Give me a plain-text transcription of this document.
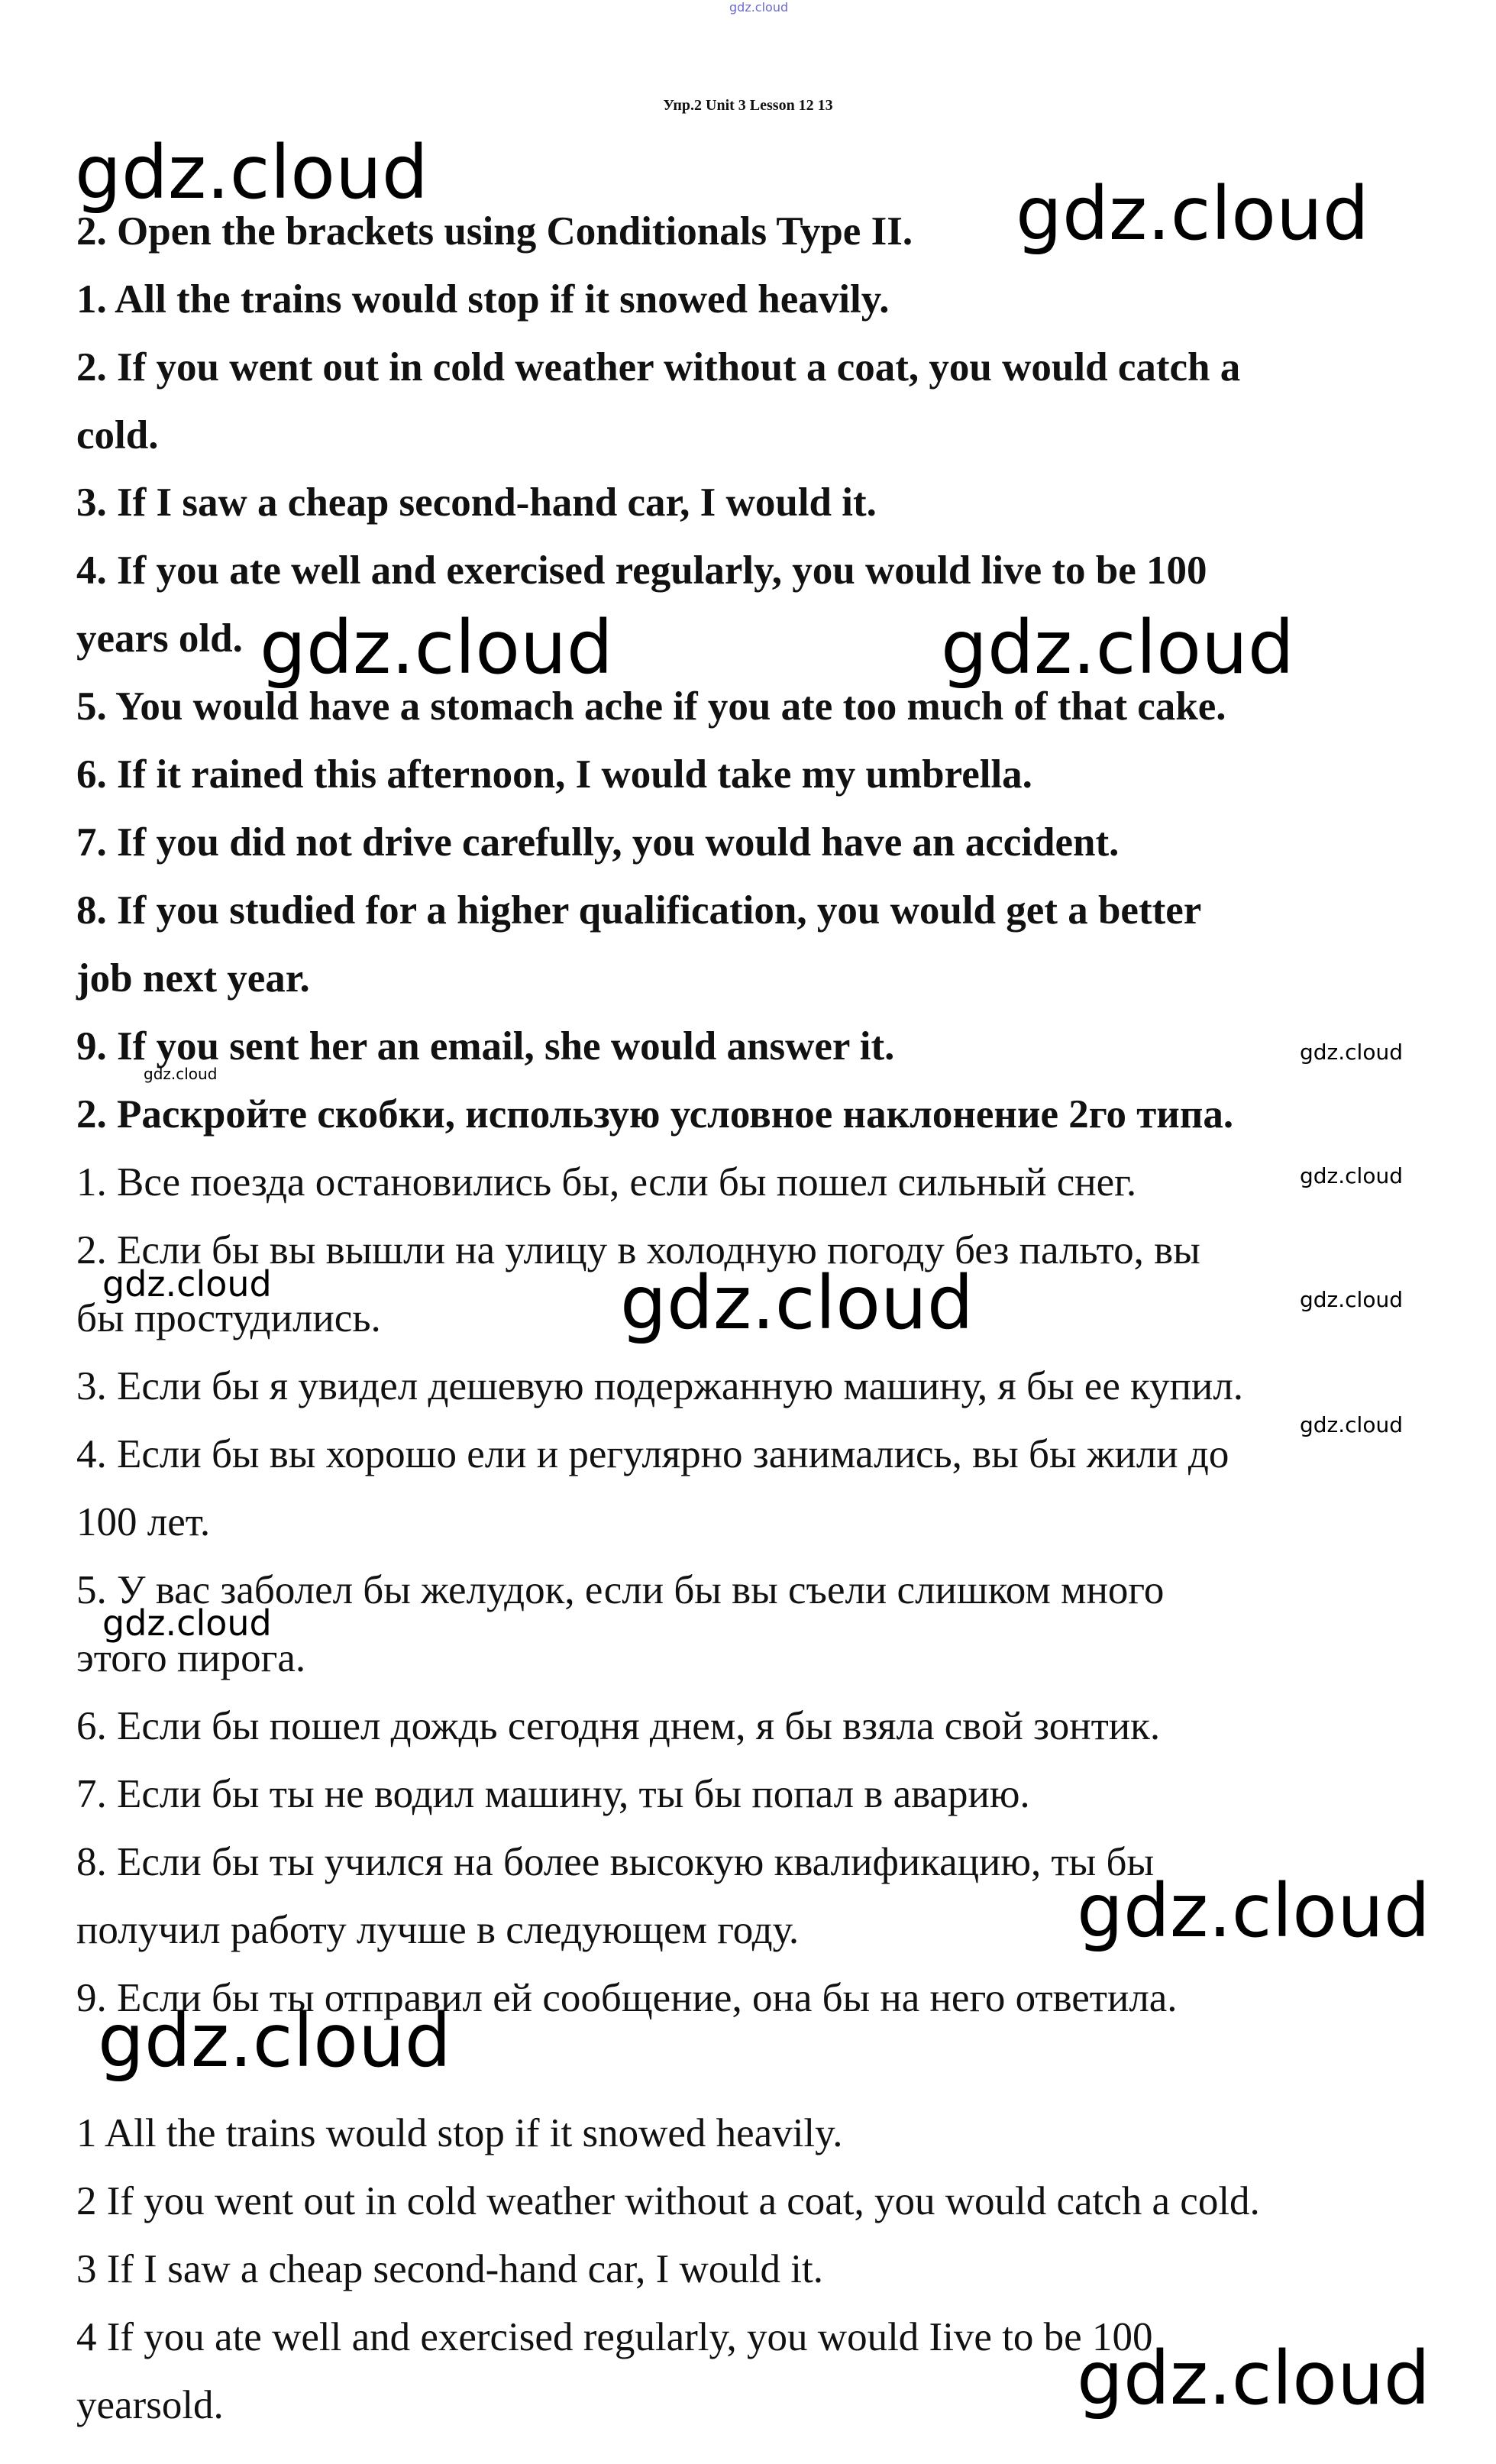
Упр.2 Unit 3 Lesson 12 13
2. Open the brackets using Conditionals Type II.
1. All the trains would stop if it snowed heavily.
2. If you went out in cold weather without a coat, you would catch a
cold.
3. If I saw a cheap second-hand car, I would it.
4. If you ate well and exercised regularly, you would live to be 100
years old.
5. You would have a stomach ache if you ate too much of that cake.
6. If it rained this afternoon, I would take my umbrella.
7. If you did not drive carefully, you would have an accident.
8. If you studied for a higher qualification, you would get a better
job next year.
9. If you sent her an email, she would answer it.
2. Раскройте скобки, использую условное наклонение 2го типа.
1. Все поезда остановились бы, если бы пошел сильный снег.
2. Если бы вы вышли на улицу в холодную погоду без пальто, вы
бы простудились.
3. Если бы я увидел дешевую подержанную машину, я бы ее купил.
4. Если бы вы хорошо ели и регулярно занимались, вы бы жили до
100 лет.
5. У вас заболел бы желудок, если бы вы съели слишком много
этого пирога.
6. Если бы пошел дождь сегодня днем, я бы взяла свой зонтик.
7. Если бы ты не водил машину, ты бы попал в аварию.
8. Если бы ты учился на более высокую квалификацию, ты бы
получил работу лучше в следующем году.
9. Если бы ты отправил ей сообщение, она бы на него ответила.
1 All the trains would stop if it snowed heavily.
2 If you went out in cold weather without a coat, you would catch a cold.
3 If I saw a cheap second-hand car, I would it.
4 If you ate well and exercised regularly, you would Iive to be 100
yearsold.
gdz.cloud
gdz.cloud	gdz.cloud
gdz.cloud	gdz.cloud
gdz.cloud
gdz.cloud
gdz.cloud
gdz.cloud	gdz.cloud	gdz.cloud
gdz.cloud
gdz.cloud
gdz.cloud
gdz.cloud
gdz.cloud
